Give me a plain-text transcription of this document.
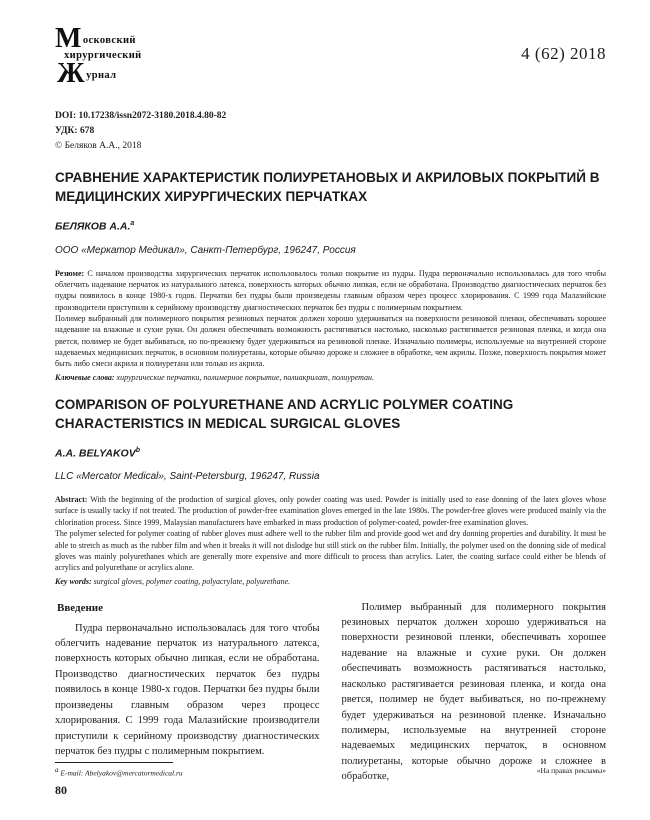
Московский
хирургический
Журнал
4 (62) 2018

DOI: 10.17238/issn2072-3180.2018.4.80-82

УДК: 678

© Беляков А.А., 2018

СРАВНЕНИЕ ХАРАКТЕРИСТИК ПОЛИУРЕТАНОВЫХ И АКРИЛОВЫХ ПОКРЫТИЙ В МЕДИЦИНСКИХ ХИРУРГИЧЕСКИХ ПЕРЧАТКАХ

БЕЛЯКОВ А.А.$^a$

ООО «Меркатор Медикал», Санкт-Петербург, 196247, Россия

Резюме: С началом производства хирургических перчаток использовалось только покрытие из пудры. Пудра первоначально использовалась для того чтобы облегчить надевание перчаток из натурального латекса, поверхность которых обычно липкая, если не обработана. Производство диагностических перчаток без пудры появилось в конце 1980-х годов. Перчатки без пудры были произведены главным образом через процесс хлорирования. С 1999 года Малазийские производители приступили к серийному производству диагностических перчаток без пудры с полимерным покрытием.

Полимер выбранный для полимерного покрытия резиновых перчаток должен хорошо удерживаться на поверхности резиновой пленки, обеспечивать хорошее надевание на влажные и сухие руки. Он должен обеспечивать возможность растягиваться настолько, насколько растягивается резиновая пленка, и когда она рвется, полимер не будет выбиваться, но по-прежнему будет удерживаться на резиновой пленке. Изначально полимеры, используемые на внутренней стороне надеваемых медицинских перчаток, в основном полиуретаны, которые обычно дороже и сложнее в обработке, чем акрилы. Позже, поверхность покрытия может быть либо смеси акрила и полиуретана или только из акрила.

Ключевые слова: хирургические перчатки, полимерное покрытие, полиакрилат, полиуретан.

COMPARISON OF POLYURETHANE AND ACRYLIC POLYMER COATING CHARACTERISTICS IN MEDICAL SURGICAL GLOVES

A.A. BELYAKOV$^b$

LLC «Mercator Medical», Saint-Petersburg, 196247, Russia

Abstract: With the beginning of the production of surgical gloves, only powder coating was used. Powder is initially used to ease donning of the latex gloves whose surface is usually tacky if not treated. The production of powder-free examination gloves emerged in the late 1980s. The powder-free gloves were produced mainly via the chlorination process. Since 1999, Malaysian manufacturers have embarked in mass production of polymer-coated, powder-free examination gloves.

The polymer selected for polymer coating of rubber gloves must adhere well to the rubber film and provide good wet and dry donning properties and durability. It must be able to stretch as much as the rubber film and when it breaks it will not dislodge but still stick on the rubber film. Initially, the polymer used on the donning side of medical gloves was mainly polyurethanes which are generally more expensive and more difficult to process than acrylics. Later, the coating surface could either be blends of acrylics and polyurethane or acrylics alone.

Key words: surgical gloves, polymer coating, polyacrylate, polyurethane.

Введение

Пудра первоначально использовалась для того чтобы облегчить надевание перчаток из натурального латекса, поверхность которых обычно липкая, если не обработана. Производство диагностических перчаток без пудры появилось в конце 1980-х годов. Перчатки без пудры были произведены главным образом через процесс хлорирования. С 1999 года Малазийские производители приступили к серийному производству диагностических перчаток без пудры с полимерным покрытием.

Полимер выбранный для полимерного покрытия резиновых перчаток должен хорошо удерживаться на поверхности резиновой пленки, обеспечивать хорошее надевание на влажные и сухие руки. Он должен обеспечивать возможность растягиваться настолько, насколько растягивается резиновая пленка, и когда она рвется, полимер не будет выбиваться, но по-прежнему будет удерживаться на резиновой пленке. Изначально полимеры, используемые на внутренней стороне надеваемых медицинских перчаток, в основном полиуретаны, которые обычно дороже и сложнее в обработке,

$^a$ E-mail: Abelyakov@mercatormedical.ru	«На правах рекламы»
80
